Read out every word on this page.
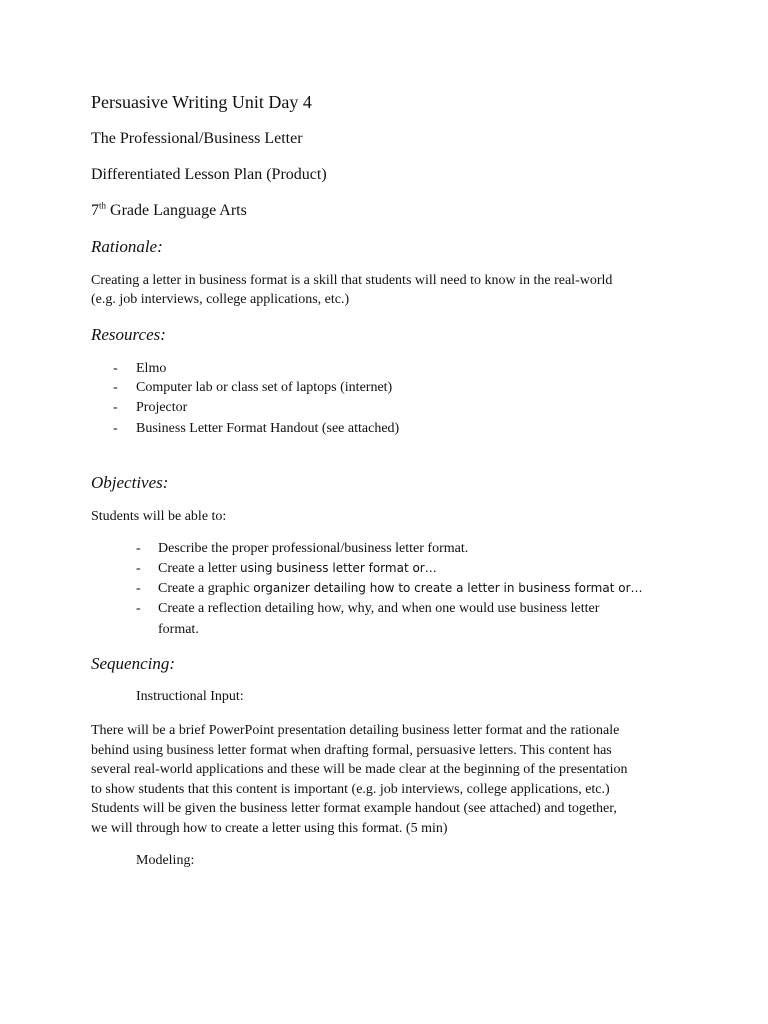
Persuasive Writing Unit Day 4
The Professional/Business Letter
Differentiated Lesson Plan (Product)
7th Grade Language Arts
Rationale:
Creating a letter in business format is a skill that students will need to know in the real-world
(e.g. job interviews, college applications, etc.)
Resources:
- Elmo
- Computer lab or class set of laptops (internet)
- Projector
- Business Letter Format Handout (see attached)
Objectives:
Students will be able to:
- Describe the proper professional/business letter format.
- Create a letter using business letter format or…
- Create a graphic organizer detailing how to create a letter in business format or…
- Create a reflection detailing how, why, and when one would use business letter
format.
Sequencing:
Instructional Input:
There will be a brief PowerPoint presentation detailing business letter format and the rationale
behind using business letter format when drafting formal, persuasive letters. This content has
several real-world applications and these will be made clear at the beginning of the presentation
to show students that this content is important (e.g. job interviews, college applications, etc.)
Students will be given the business letter format example handout (see attached) and together,
we will through how to create a letter using this format. (5 min)
Modeling:
